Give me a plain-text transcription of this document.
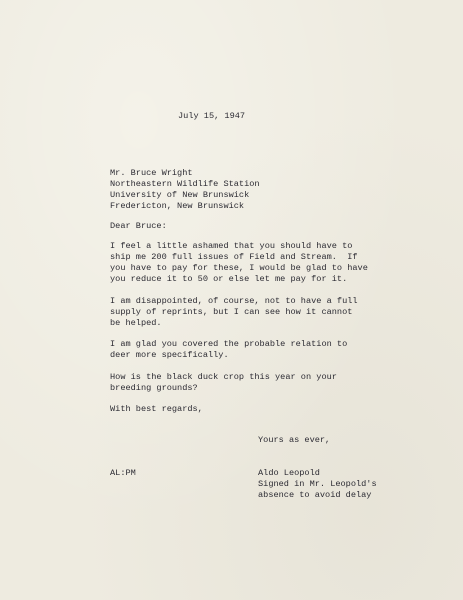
July 15, 1947

Mr. Bruce Wright

Northeastern Wildlife Station

University of New Brunswick

Fredericton, New Brunswick

Dear Bruce:

I feel a little ashamed that you should have to

ship me 200 full issues of Field and Stream.  If

you have to pay for these, I would be glad to have

you reduce it to 50 or else let me pay for it.

I am disappointed, of course, not to have a full

supply of reprints, but I can see how it cannot

be helped.

I am glad you covered the probable relation to

deer more specifically.

How is the black duck crop this year on your

breeding grounds?

With best regards,

Yours as ever,

AL:PM	Aldo Leopold

Signed in Mr. Leopold's

absence to avoid delay
